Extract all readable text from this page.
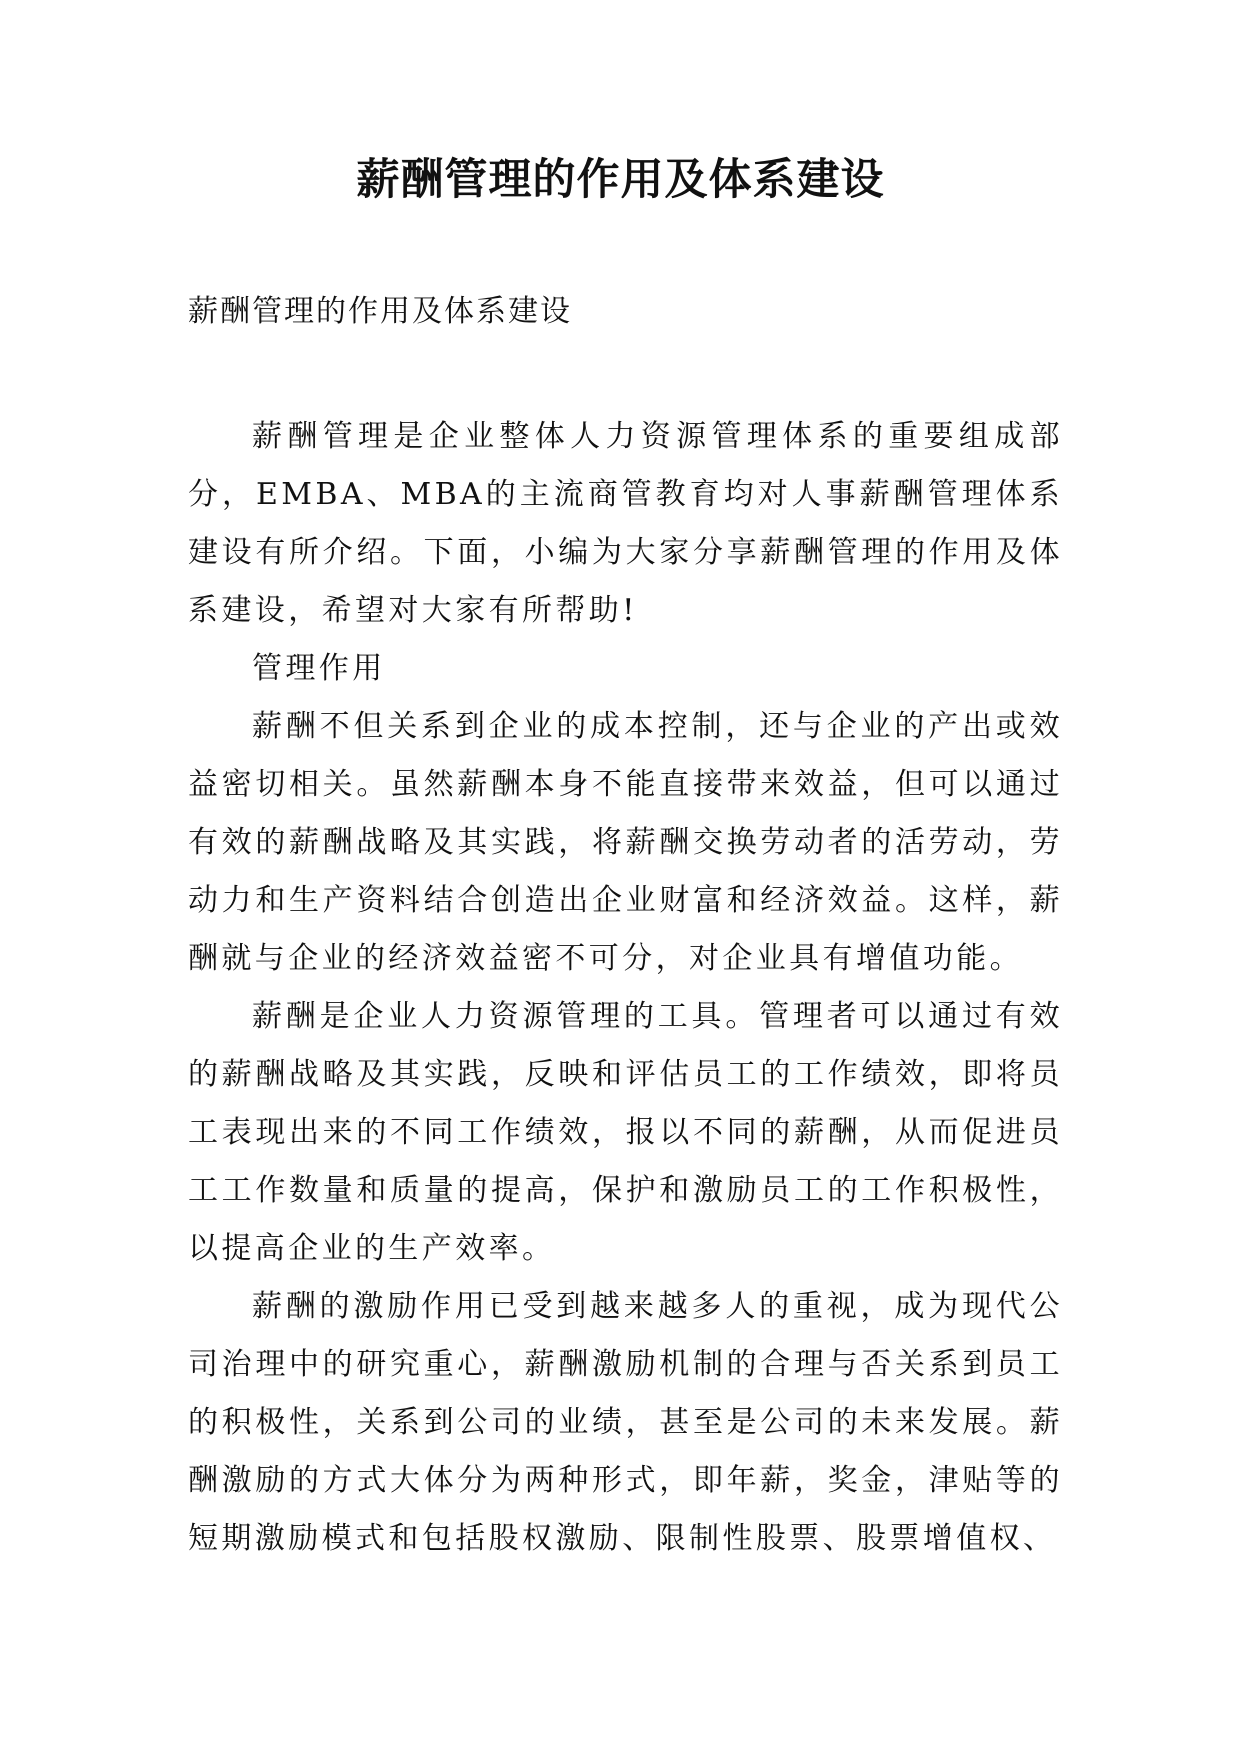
薪酬管理的作用及体系建设
薪酬管理的作用及体系建设

薪酬管理是企业整体人力资源管理体系的重要组成部分，EMBA、MBA的主流商管教育均对人事薪酬管理体系建设有所介绍。下面，小编为大家分享薪酬管理的作用及体系建设，希望对大家有所帮助!

管理作用

薪酬不但关系到企业的成本控制，还与企业的产出或效益密切相关。虽然薪酬本身不能直接带来效益，但可以通过有效的薪酬战略及其实践，将薪酬交换劳动者的活劳动，劳动力和生产资料结合创造出企业财富和经济效益。这样，薪酬就与企业的经济效益密不可分，对企业具有增值功能。

薪酬是企业人力资源管理的工具。管理者可以通过有效的薪酬战略及其实践，反映和评估员工的工作绩效，即将员工表现出来的不同工作绩效，报以不同的薪酬，从而促进员工工作数量和质量的提高，保护和激励员工的工作积极性，以提高企业的生产效率。

薪酬的激励作用已受到越来越多人的重视，成为现代公司治理中的研究重心，薪酬激励机制的合理与否关系到员工的积极性，关系到公司的业绩，甚至是公司的未来发展。薪酬激励的方式大体分为两种形式，即年薪，奖金，津贴等的短期激励模式和包括股权激励、限制性股票、股票增值权、
